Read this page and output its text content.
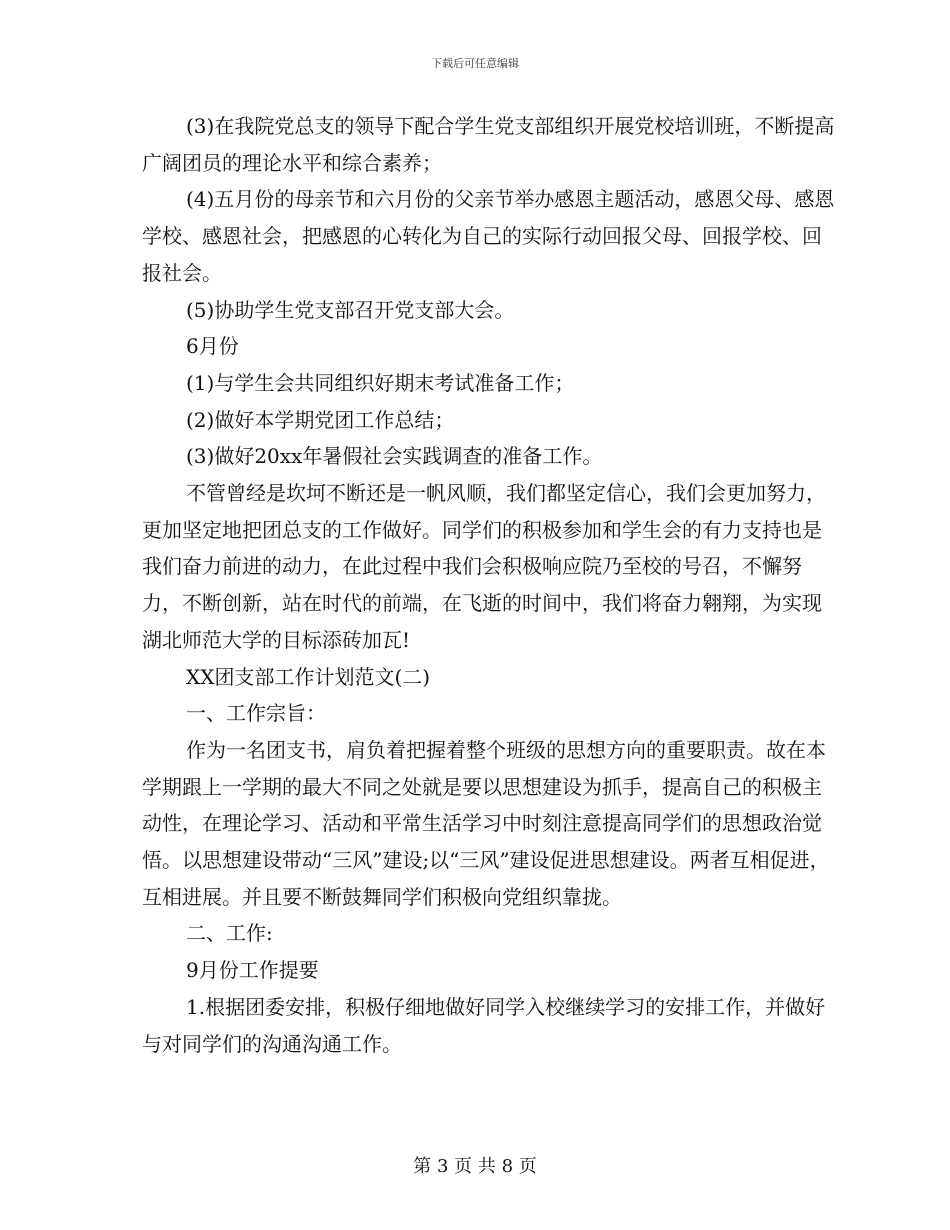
下载后可任意编辑

(3)在我院党总支的领导下配合学生党支部组织开展党校培训班，不断提高广阔团员的理论水平和综合素养；

(4)五月份的母亲节和六月份的父亲节举办感恩主题活动，感恩父母、感恩学校、感恩社会，把感恩的心转化为自己的实际行动回报父母、回报学校、回报社会。

(5)协助学生党支部召开党支部大会。

6月份

(1)与学生会共同组织好期末考试准备工作；

(2)做好本学期党团工作总结；

(3)做好20xx年暑假社会实践调查的准备工作。

不管曾经是坎坷不断还是一帆风顺，我们都坚定信心，我们会更加努力，更加坚定地把团总支的工作做好。同学们的积极参加和学生会的有力支持也是我们奋力前进的动力，在此过程中我们会积极响应院乃至校的号召，不懈努力，不断创新，站在时代的前端，在飞逝的时间中，我们将奋力翱翔，为实现湖北师范大学的目标添砖加瓦!

XX团支部工作计划范文(二)

一、工作宗旨：

作为一名团支书，肩负着把握着整个班级的思想方向的重要职责。故在本学期跟上一学期的最大不同之处就是要以思想建设为抓手，提高自己的积极主动性，在理论学习、活动和平常生活学习中时刻注意提高同学们的思想政治觉悟。以思想建设带动“三风”建设;以“三风”建设促进思想建设。两者互相促进，互相进展。并且要不断鼓舞同学们积极向党组织靠拢。

二、工作:

9月份工作提要

1.根据团委安排，积极仔细地做好同学入校继续学习的安排工作，并做好与对同学们的沟通沟通工作。

第 3 页 共 8 页
